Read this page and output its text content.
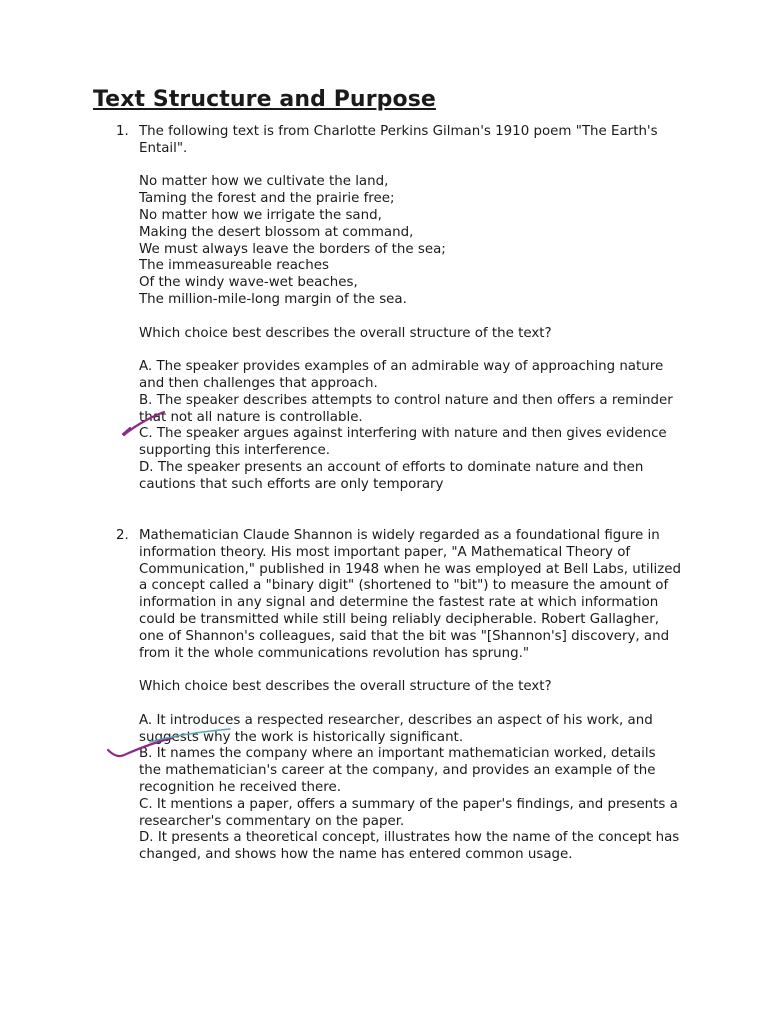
Text Structure and Purpose
1. The following text is from Charlotte Perkins Gilman's 1910 poem "The Earth's Entail".
No matter how we cultivate the land,
Taming the forest and the prairie free;
No matter how we irrigate the sand,
Making the desert blossom at command,
We must always leave the borders of the sea;
The immeasureable reaches
Of the windy wave-wet beaches,
The million-mile-long margin of the sea.
Which choice best describes the overall structure of the text?
A. The speaker provides examples of an admirable way of approaching nature and then challenges that approach.
B. The speaker describes attempts to control nature and then offers a reminder that not all nature is controllable.
C. The speaker argues against interfering with nature and then gives evidence supporting this interference.
D. The speaker presents an account of efforts to dominate nature and then cautions that such efforts are only temporary
2. Mathematician Claude Shannon is widely regarded as a foundational figure in information theory. His most important paper, "A Mathematical Theory of Communication," published in 1948 when he was employed at Bell Labs, utilized a concept called a "binary digit" (shortened to "bit") to measure the amount of information in any signal and determine the fastest rate at which information could be transmitted while still being reliably decipherable. Robert Gallagher, one of Shannon's colleagues, said that the bit was "[Shannon's] discovery, and from it the whole communications revolution has sprung."
Which choice best describes the overall structure of the text?
A. It introduces a respected researcher, describes an aspect of his work, and suggests why the work is historically significant.
B. It names the company where an important mathematician worked, details the mathematician's career at the company, and provides an example of the recognition he received there.
C. It mentions a paper, offers a summary of the paper's findings, and presents a researcher's commentary on the paper.
D. It presents a theoretical concept, illustrates how the name of the concept has changed, and shows how the name has entered common usage.
